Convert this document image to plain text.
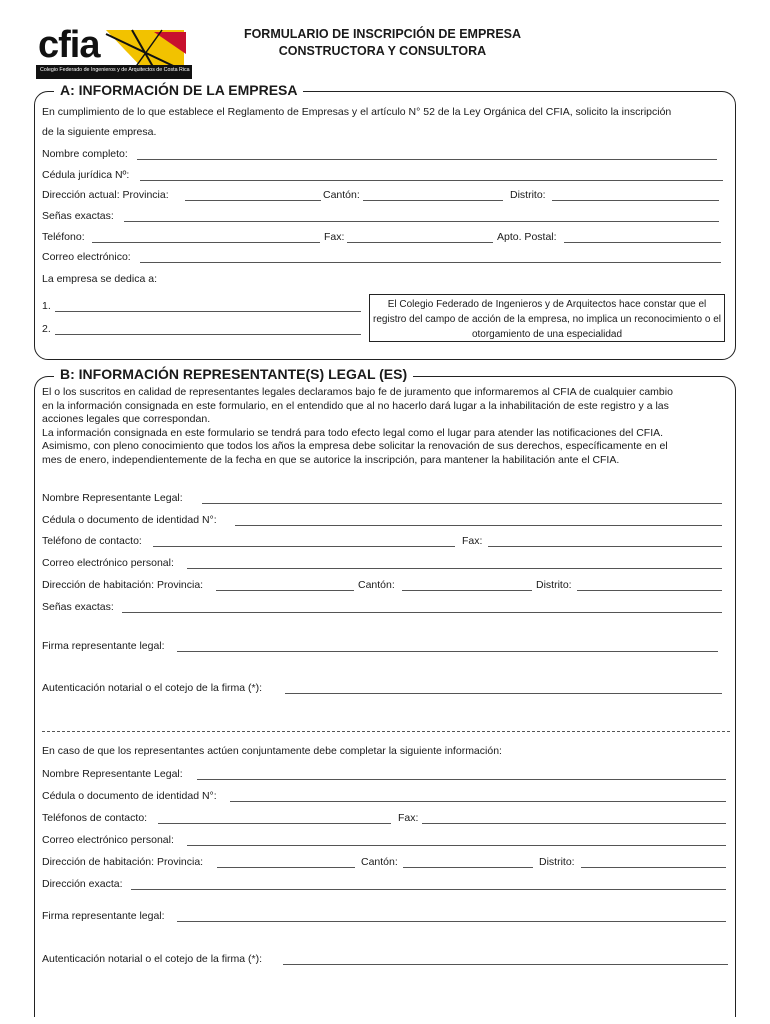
cfia
Colegio Federado de Ingenieros y de Arquitectos de Costa Rica
FORMULARIO DE INSCRIPCIÓN DE EMPRESA
CONSTRUCTORA Y CONSULTORA
A: INFORMACIÓN DE LA EMPRESA
En cumplimiento de lo que establece el Reglamento de Empresas y el artículo N° 52 de la Ley Orgánica del CFIA, solicito la inscripción
de la siguiente empresa.
Nombre completo:
Cédula jurídica Nº:
Dirección actual: Provincia:	Cantón:	Distrito:
Señas exactas:
Teléfono:	Fax:	Apto. Postal:
Correo electrónico:
La empresa se dedica a:
1.
2.
El Colegio Federado de Ingenieros y de Arquitectos hace constar que el registro del campo de acción de la empresa, no implica un reconocimiento o el otorgamiento de una especialidad
B: INFORMACIÓN REPRESENTANTE(S) LEGAL (ES)
El o los suscritos en calidad de representantes legales declaramos bajo fe de juramento que informaremos al CFIA de cualquier cambio
en la información consignada en este formulario, en el entendido que al no hacerlo dará lugar a la inhabilitación de este registro y a las
acciones legales que correspondan.
La información consignada en este formulario se tendrá para todo efecto legal como el lugar para atender las notificaciones del CFIA.
Asimismo, con pleno conocimiento que todos los años la empresa debe solicitar la renovación de sus derechos, específicamente en el
mes de enero, independientemente de la fecha en que se autorice la inscripción, para mantener la habilitación ante el CFIA.
Nombre Representante Legal:
Cédula o documento de identidad N°:
Teléfono de contacto:	Fax:
Correo electrónico personal:
Dirección de habitación: Provincia:	Cantón:	Distrito:
Señas exactas:
Firma representante legal:
Autenticación notarial o el cotejo de la firma (*):
En caso de que los representantes actúen conjuntamente debe completar la siguiente información:
Nombre Representante Legal:
Cédula o documento de identidad N°:
Teléfonos de contacto:	Fax:
Correo electrónico personal:
Dirección de habitación: Provincia:	Cantón:	Distrito:
Dirección exacta:
Firma representante legal:
Autenticación notarial o el cotejo de la firma (*):
